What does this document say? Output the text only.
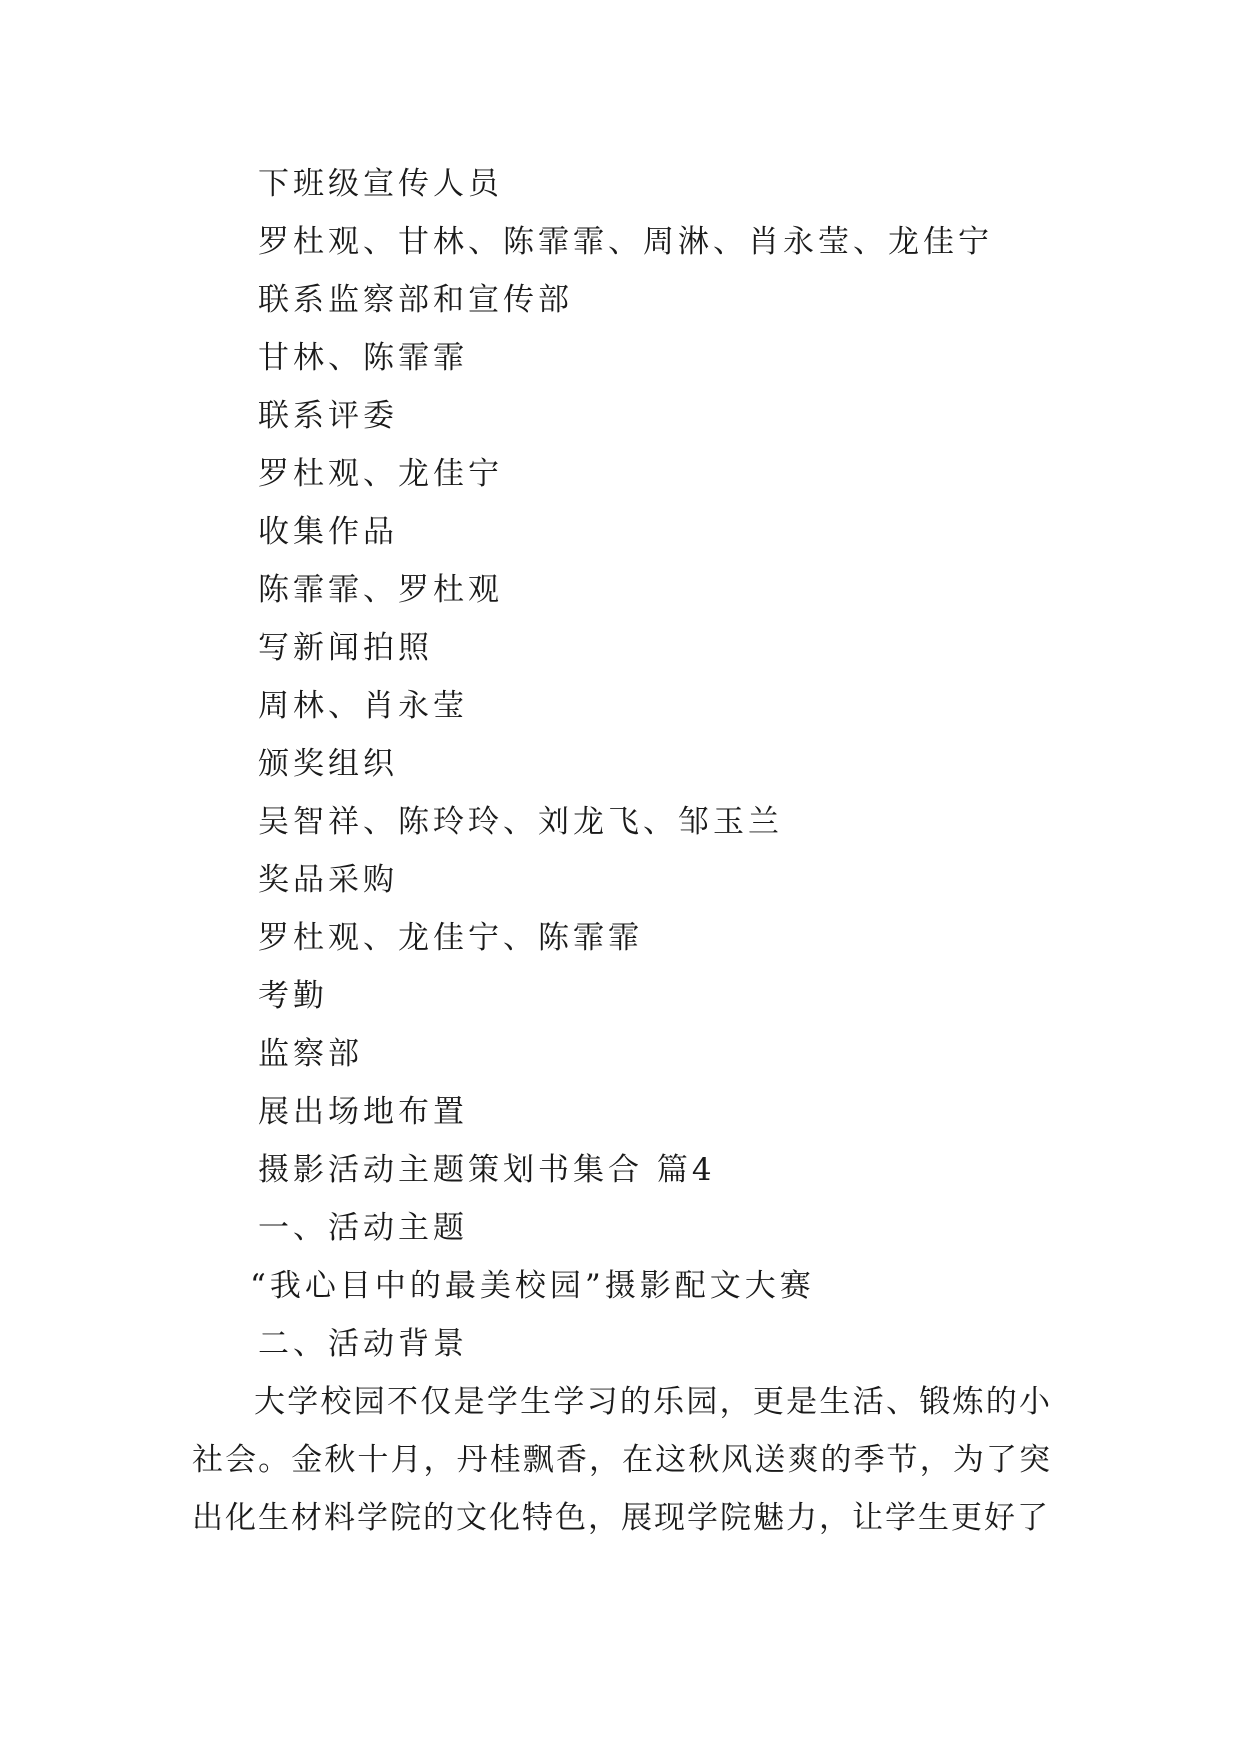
下班级宣传人员
罗杜观、甘林、陈霏霏、周淋、肖永莹、龙佳宁
联系监察部和宣传部
甘林、陈霏霏
联系评委
罗杜观、龙佳宁
收集作品
陈霏霏、罗杜观
写新闻拍照
周林、肖永莹
颁奖组织
吴智祥、陈玲玲、刘龙飞、邹玉兰
奖品采购
罗杜观、龙佳宁、陈霏霏
考勤
监察部
展出场地布置
摄影活动主题策划书集合 篇4
一、活动主题
“我心目中的最美校园”摄影配文大赛
二、活动背景
大学校园不仅是学生学习的乐园，更是生活、锻炼的小社会。金秋十月，丹桂飘香，在这秋风送爽的季节，为了突出化生材料学院的文化特色，展现学院魅力，让学生更好了
